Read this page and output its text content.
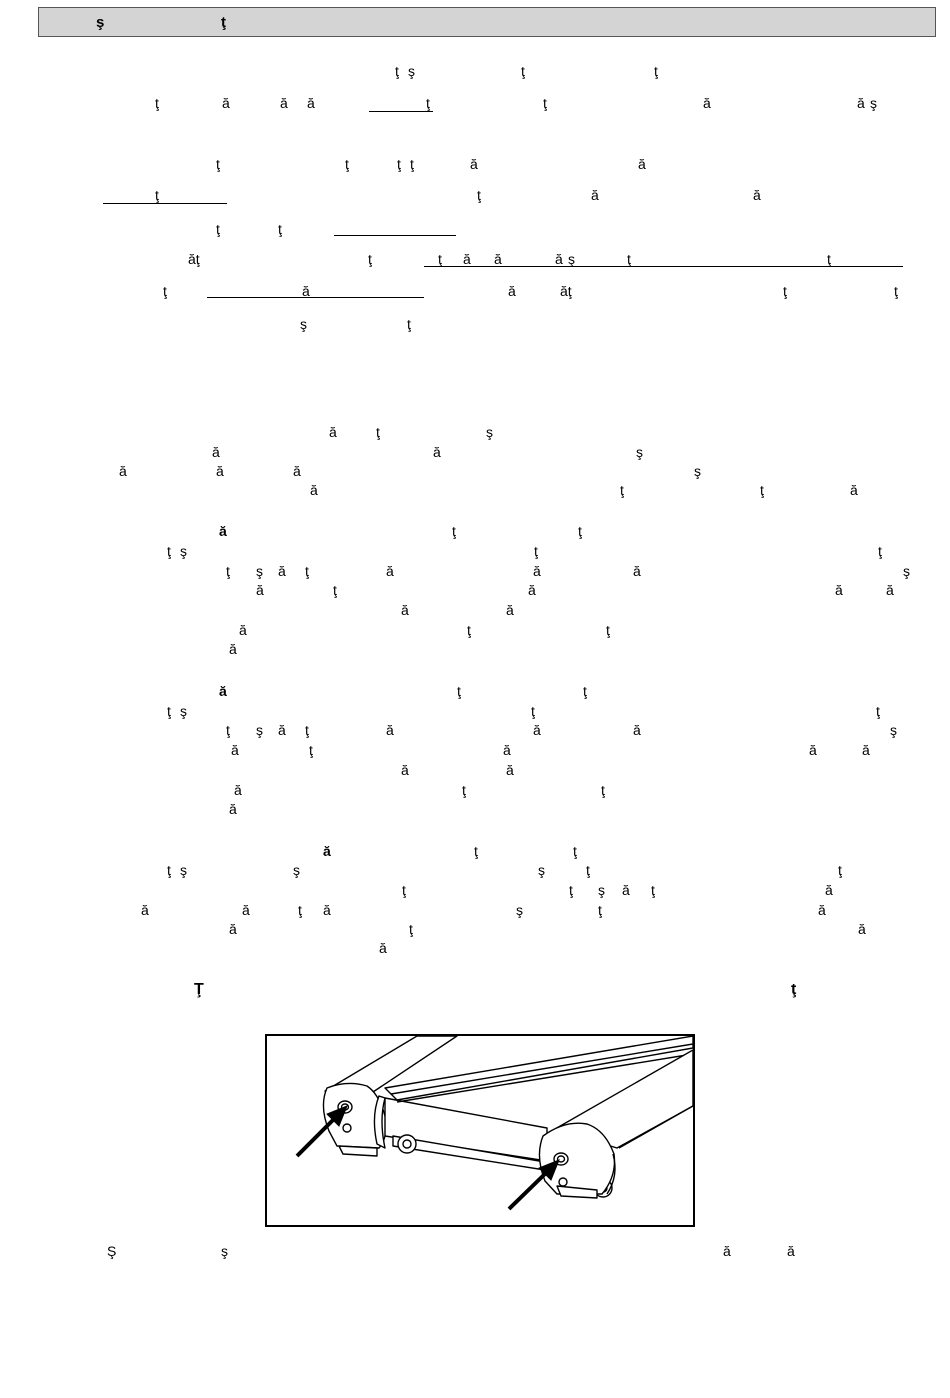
ş	ţ
ţ ş	ţ	ţ
ţ	ă	ă ă	ţ	ţ	ă	ă ş
ţ	ţ	ţ ţ	ă	ă
ţ	ţ	ă	ă
ţ	ţ
ăţ	ţ	ţ ă ă	ă ş	ţ	ţ
ţ	ă	ă	ăţ	ţ	ţ
ş	ţ
ă	ţ	ş
ă	ă	ş
ă	ă	ă	ş
ă	ţ	ţ	ă
ă	ţ	ţ
ţ ş	ţ	ţ
ţ ş ă ţ	ă	ă	ă	ş
ă	ţ	ă	ă	ă
ă	ă
ă	ţ	ţ
ă
ă	ţ	ţ
ţ ş	ţ	ţ
ţ ş ă ţ	ă	ă	ă	ş
ă	ţ	ă	ă	ă
ă	ă
ă	ţ	ţ
ă
ă	ţ	ţ
ţ ş	ş	ş	ţ	ţ
ţ	ţ ş ă ţ	ă
ă	ă	ţ ă	ş	ţ	ă
ă	ţ	ă
ă
Ţ	ţ
Ş	ş	ă	ă
